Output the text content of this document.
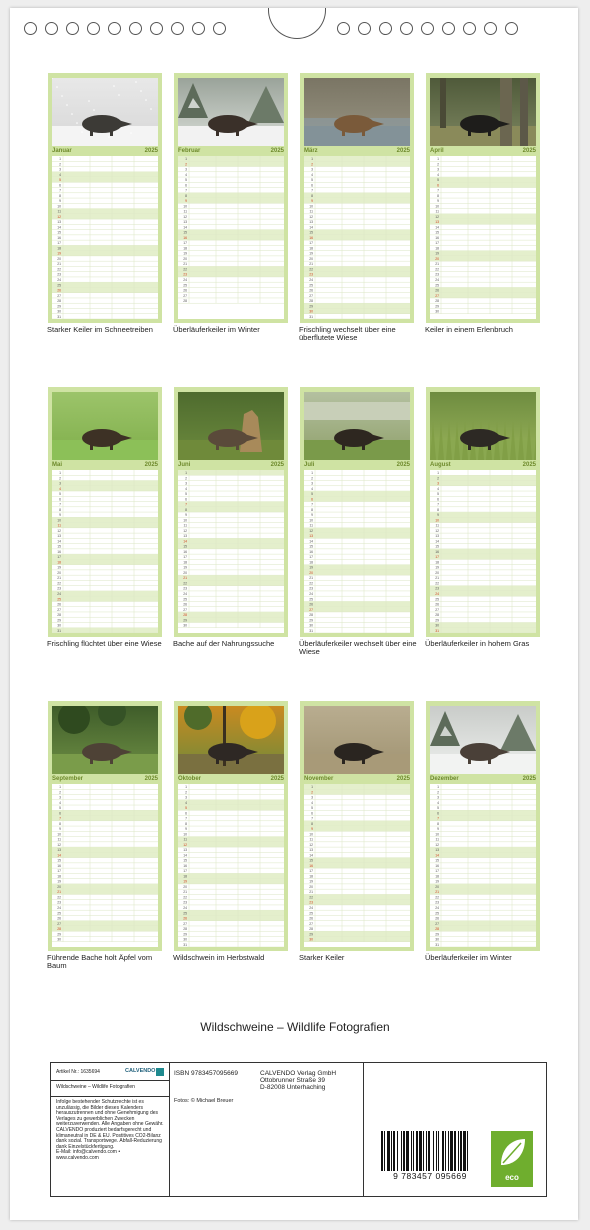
Januar	2025
1
2
3
4
5
6
7
8
9
10
11
12
13
14
15
16
17
18
19
20
21
22
23
24
25
26
27
28
29
30
31
Starker Keiler im Schneetreiben
Februar	2025
1
2
3
4
5
6
7
8
9
10
11
12
13
14
15
16
17
18
19
20
21
22
23
24
25
26
27
28
Überläuferkeiler im Winter
März	2025
1
2
3
4
5
6
7
8
9
10
11
12
13
14
15
16
17
18
19
20
21
22
23
24
25
26
27
28
29
30
31
Frischling wechselt über eine überflutete Wiese
April	2025
1
2
3
4
5
6
7
8
9
10
11
12
13
14
15
16
17
18
19
20
21
22
23
24
25
26
27
28
29
30
Keiler in einem Erlenbruch
Mai	2025
1
2
3
4
5
6
7
8
9
10
11
12
13
14
15
16
17
18
19
20
21
22
23
24
25
26
27
28
29
30
31
Frischling flüchtet über eine Wiese
Juni	2025
1
2
3
4
5
6
7
8
9
10
11
12
13
14
15
16
17
18
19
20
21
22
23
24
25
26
27
28
29
30
Bache auf der Nahrungssuche
Juli	2025
1
2
3
4
5
6
7
8
9
10
11
12
13
14
15
16
17
18
19
20
21
22
23
24
25
26
27
28
29
30
31
Überläuferkeiler wechselt über eine Wiese
August	2025
1
2
3
4
5
6
7
8
9
10
11
12
13
14
15
16
17
18
19
20
21
22
23
24
25
26
27
28
29
30
31
Überläuferkeiler in hohem Gras
September	2025
1
2
3
4
5
6
7
8
9
10
11
12
13
14
15
16
17
18
19
20
21
22
23
24
25
26
27
28
29
30
Führende Bache holt Äpfel vom Baum
Oktober	2025
1
2
3
4
5
6
7
8
9
10
11
12
13
14
15
16
17
18
19
20
21
22
23
24
25
26
27
28
29
30
31
Wildschwein im Herbstwald
November	2025
1
2
3
4
5
6
7
8
9
10
11
12
13
14
15
16
17
18
19
20
21
22
23
24
25
26
27
28
29
30
Starker Keiler
Dezember	2025
1
2
3
4
5
6
7
8
9
10
11
12
13
14
15
16
17
18
19
20
21
22
23
24
25
26
27
28
29
30
31
Überläuferkeiler im Winter
Wildschweine – Wildlife Fotografien
Artikel Nr.: 1635694	CALVENDO
Wildschweine – Wildlife Fotografien
Infolge bestehender Schutzrechte ist es unzulässig, die Bilder dieses Kalenders herauszutrennen und ohne Genehmigung des Verlages zu gewerblichen Zwecken weiterzuverwenden. Alle Angaben ohne Gewähr. CALVENDO produziert bedarfsgerecht und klimaneutral in DE & EU. Postitives CO2-Bilanz dank sozial. Transportwege. Abfall-Reduzierung dank Einzelstückfertigung.
E-Mail: info@calvendo.com • www.calvendo.com
ISBN 9783457095669	CALVENDO Verlag GmbH
Ottobrunner Straße 39
D-82008 Unterhaching
Fotos: © Michael Breuer
9 783457 095669	eco
